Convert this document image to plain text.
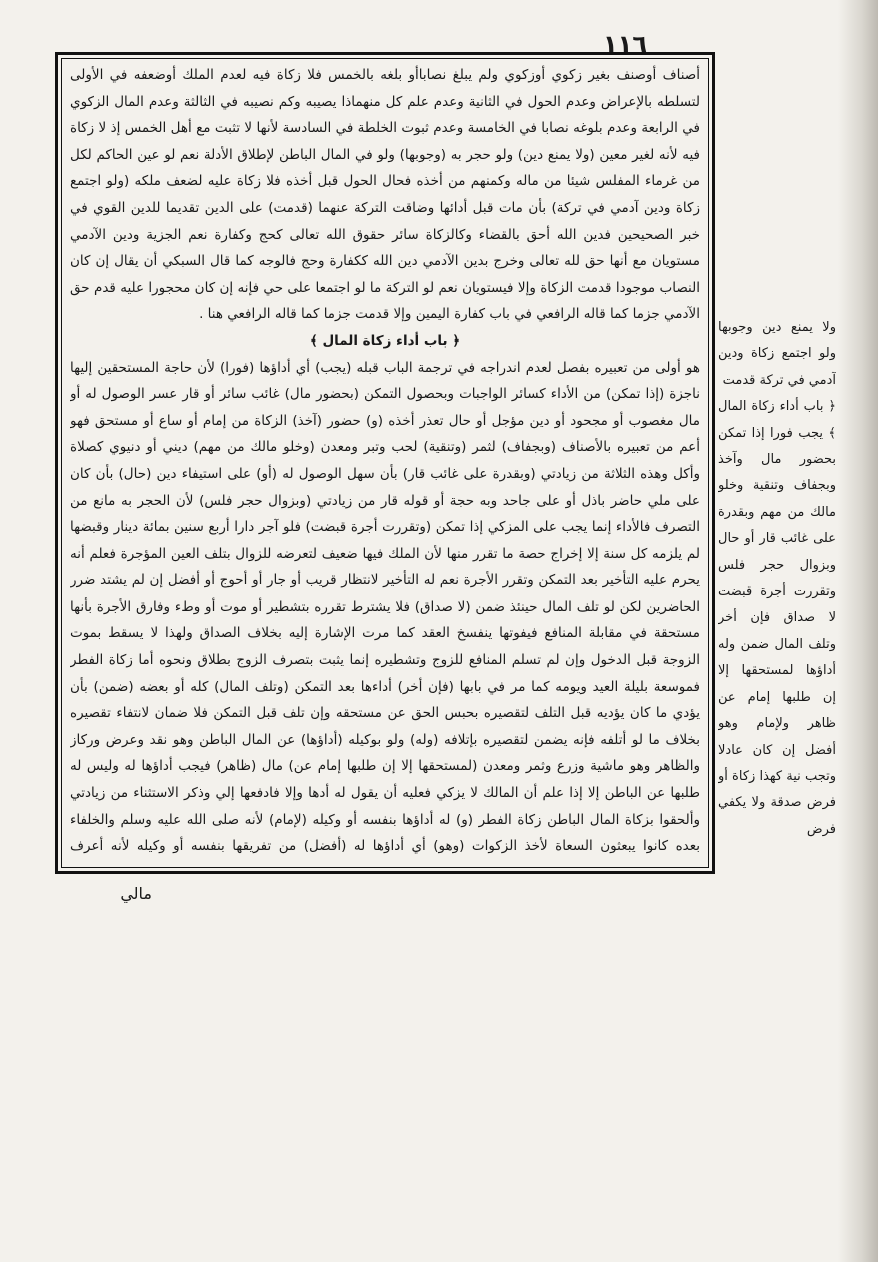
١١٦

أصناف أوصنف بغير زكوي أوزكوي ولم يبلغ نصاباأو بلغه بالخمس فلا زكاة فيه لعدم الملك أوضعفه في الأولى لتسلطه بالإعراض وعدم الحول في الثانية وعدم علم كل منهماذا يصيبه وكم نصيبه في الثالثة وعدم المال الزكوي في الرابعة وعدم بلوغه نصابا في الخامسة وعدم ثبوت الخلطة في السادسة لأنها لا تثبت مع أهل الخمس إذ لا زكاة فيه لأنه لغير معين (ولا يمنع دين) ولو حجر به (وجوبها) ولو في المال الباطن لإطلاق الأدلة نعم لو عين الحاكم لكل من غرماء المفلس شيئا من ماله وكمنهم من أخذه فحال الحول قبل أخذه فلا زكاة عليه لضعف ملكه (ولو اجتمع زكاة ودين آدمي في تركة) بأن مات قبل أدائها وضاقت التركة عنهما (قدمت) على الدين تقديما للدين القوي في خبر الصحيحين فدين الله أحق بالقضاء وكالزكاة سائر حقوق الله تعالى كحج وكفارة نعم الجزية ودين الآدمي مستويان مع أنها حق لله تعالى وخرج بدين الآدمي دين الله ككفارة وحج فالوجه كما قال السبكي أن يقال إن كان النصاب موجودا قدمت الزكاة وإلا فيستويان نعم لو التركة ما لو اجتمعا على حي فإنه إن كان محجورا عليه قدم حق الآدمي جزما كما قاله الرافعي في باب كفارة اليمين وإلا قدمت جزما كما قاله الرافعي هنا .

﴿ باب أداء زكاة المال ﴾
هو أولى من تعبيره بفصل لعدم اندراجه في ترجمة الباب قبله (يجب) أي أداؤها (فورا) لأن حاجة المستحقين إليها ناجزة (إذا تمكن) من الأداء كسائر الواجبات وبحصول التمكن (بحضور مال) غائب سائر أو قار عسر الوصول له أو مال مغصوب أو مجحود أو دين مؤجل أو حال تعذر أخذه (و) حضور (آخذ) الزكاة من إمام أو ساع أو مستحق فهو أعم من تعبيره بالأصناف (وبجفاف) لثمر (وتنقية) لحب وتبر ومعدن (وخلو مالك من مهم) ديني أو دنيوي كصلاة وأكل وهذه الثلاثة من زيادتي (وبقدرة على غائب قار) بأن سهل الوصول له (أو) على استيفاء دين (حال) بأن كان على ملي حاضر باذل أو على جاحد وبه حجة أو قوله قار من زيادتي (وبزوال حجر فلس) لأن الحجر به مانع من التصرف فالأداء إنما يجب على المزكي إذا تمكن (وتقررت أجرة قبضت) فلو آجر دارا أربع سنين بمائة دينار وقبضها لم يلزمه كل سنة إلا إخراج حصة ما تقرر منها لأن الملك فيها ضعيف لتعرضه للزوال بتلف العين المؤجرة فعلم أنه يحرم عليه التأخير بعد التمكن وتقرر الأجرة نعم له التأخير لانتظار قريب أو جار أو أحوج أو أفضل إن لم يشتد ضرر الحاضرين لكن لو تلف المال حينئذ ضمن (لا صداق) فلا يشترط تقرره بتشطير أو موت أو وطء وفارق الأجرة بأنها مستحقة في مقابلة المنافع فيفوتها ينفسخ العقد كما مرت الإشارة إليه بخلاف الصداق ولهذا لا يسقط بموت الزوجة قبل الدخول وإن لم تسلم المنافع للزوج وتشطيره إنما يثبت بتصرف الزوج بطلاق ونحوه أما زكاة الفطر فموسعة بليلة العيد ويومه كما مر في بابها (فإن أخر) أداءها بعد التمكن (وتلف المال) كله أو بعضه (ضمن) بأن يؤدي ما كان يؤديه قبل التلف لتقصيره بحبس الحق عن مستحقه وإن تلف قبل التمكن فلا ضمان لانتفاء تقصيره بخلاف ما لو أتلفه فإنه يضمن لتقصيره بإتلافه (وله) ولو بوكيله (أداؤها) عن المال الباطن وهو نقد وعرض وركاز والظاهر وهو ماشية وزرع وثمر ومعدن (لمستحقها إلا إن طلبها إمام عن) مال (ظاهر) فيجب أداؤها له وليس له طلبها عن الباطن إلا إذا علم أن المالك لا يزكي فعليه أن يقول له أدها وإلا فادفعها إلي وذكر الاستثناء من زيادتي وألحقوا بزكاة المال الباطن زكاة الفطر (و) له أداؤها بنفسه أو وكيله (لإمام) لأنه صلى الله عليه وسلم والخلفاء بعده كانوا يبعثون السعاة لأخذ الزكوات (وهو) أي أداؤها له (أفضل) من تفريقها بنفسه أو وكيله لأنه أعرف

ولا يمنع دين وجوبها ولو اجتمع زكاة ودين آدمي في تركة قدمت

﴿ باب أداء زكاة المال ﴾ يجب فورا إذا تمكن بحضور مال وآخذ وبجفاف وتنقية وخلو مالك من مهم وبقدرة على غائب قار أو حال وبزوال حجر فلس وتقررت أجرة قبضت لا صداق فإن أخر وتلف المال ضمن وله أداؤها لمستحقها إلا إن طلبها إمام عن ظاهر ولإمام وهو أفضل إن كان عادلا وتجب نية كهذا زكاة أو فرض صدقة ولا يكفي فرض

مالي
